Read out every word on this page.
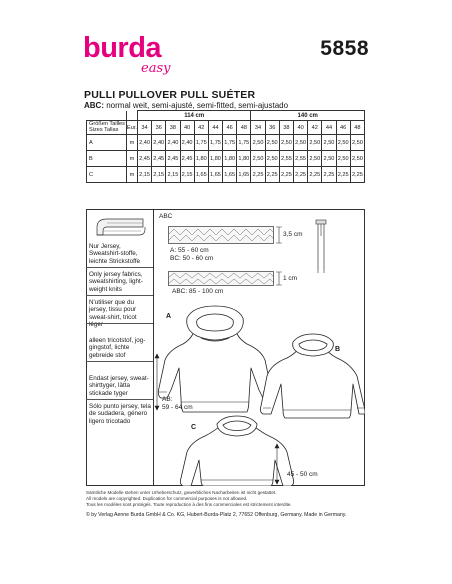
burda
easy
5858
PULLI PULLOVER PULL SUÉTER
ABC: normal weit, semi-ajusté, semi-fitted, semi-ajustado
		114 cm								140 cm							
Größen Tailles
Sizes Tallas	Eur.	34	36	38	40	42	44	46	48	34	36	38	40	42	44	46	48
A	m	2,40	2,40	2,40	2,40	1,75	1,75	1,75	1,75	2,50	2,50	2,50	2,50	2,50	2,50	2,50	2,50
B	m	2,45	2,45	2,45	2,45	1,80	1,80	1,80	1,80	2,50	2,50	2,55	2,55	2,50	2,50	2,50	2,50
C	m	2,15	2,15	2,15	2,15	1,65	1,65	1,65	1,65	2,25	2,25	2,25	2,25	2,25	2,25	2,25	2,25
Nur Jersey, Sweatshirt-stoffe, leichte Strickstoffe
Only jersey fabrics, sweatshirting, light-weight knits
N'utiliser que du jersey, tissu pour sweat-shirt, tricot léger
alleen tricotstof, jog-gingstof, lichte gebreide stof
Endast jersey, sweat-shirttyger, lätta stickade tyger
Sólo punto jersey, tela de sudadera, género ligero tricotado
ABC
3,5 cm
A: 55 - 60 cm
BC: 50 - 60 cm
1 cm
ABC: 85 - 100 cm
A
B
C
AB:
59 - 64 cm
45 - 50 cm
Sämtliche Modelle stehen unter Urheberschutz, gewerbliches Nacharbeiten ist nicht gestattet.
All models are copyrighted. Duplication for commercial purposes is not allowed.
Tous les modèles sont protégés. Toute reproduction à des fins commerciales est strictement interdite.
© by Verlag Aenne Burda GmbH & Co. KG, Hubert-Burda-Platz 2, 77652 Offenburg, Germany. Made in Germany.
